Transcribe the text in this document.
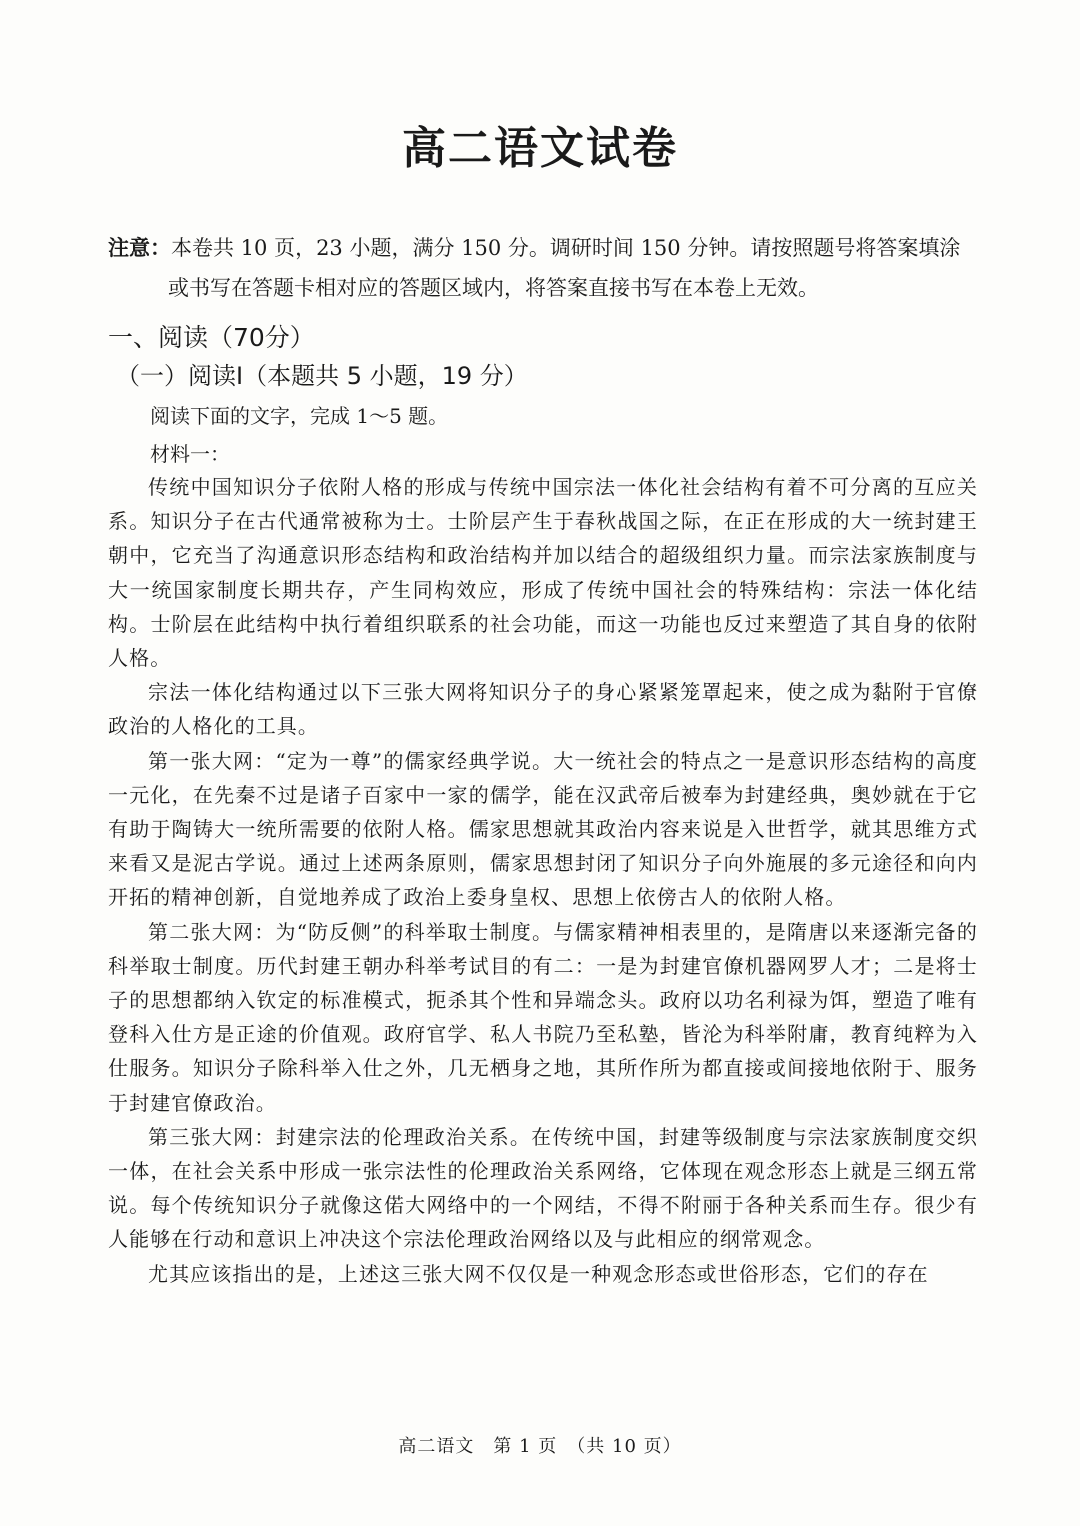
高二语文试卷
注意：本卷共 10 页，23 小题，满分 150 分。调研时间 150 分钟。请按照题号将答案填涂
或书写在答题卡相对应的答题区域内，将答案直接书写在本卷上无效。
一、阅读（70分）
（一）阅读Ⅰ（本题共 5 小题，19 分）
阅读下面的文字，完成 1～5 题。
材料一：

传统中国知识分子依附人格的形成与传统中国宗法一体化社会结构有着不可分离的互应关系。知识分子在古代通常被称为士。士阶层产生于春秋战国之际，在正在形成的大一统封建王朝中，它充当了沟通意识形态结构和政治结构并加以结合的超级组织力量。而宗法家族制度与大一统国家制度长期共存，产生同构效应，形成了传统中国社会的特殊结构：宗法一体化结构。士阶层在此结构中执行着组织联系的社会功能，而这一功能也反过来塑造了其自身的依附人格。

宗法一体化结构通过以下三张大网将知识分子的身心紧紧笼罩起来，使之成为黏附于官僚政治的人格化的工具。

第一张大网：“定为一尊”的儒家经典学说。大一统社会的特点之一是意识形态结构的高度一元化，在先秦不过是诸子百家中一家的儒学，能在汉武帝后被奉为封建经典，奥妙就在于它有助于陶铸大一统所需要的依附人格。儒家思想就其政治内容来说是入世哲学，就其思维方式来看又是泥古学说。通过上述两条原则，儒家思想封闭了知识分子向外施展的多元途径和向内开拓的精神创新，自觉地养成了政治上委身皇权、思想上依傍古人的依附人格。

第二张大网：为“防反侧”的科举取士制度。与儒家精神相表里的，是隋唐以来逐渐完备的科举取士制度。历代封建王朝办科举考试目的有二：一是为封建官僚机器网罗人才；二是将士子的思想都纳入钦定的标准模式，扼杀其个性和异端念头。政府以功名利禄为饵，塑造了唯有登科入仕方是正途的价值观。政府官学、私人书院乃至私塾，皆沦为科举附庸，教育纯粹为入仕服务。知识分子除科举入仕之外，几无栖身之地，其所作所为都直接或间接地依附于、服务于封建官僚政治。

第三张大网：封建宗法的伦理政治关系。在传统中国，封建等级制度与宗法家族制度交织一体，在社会关系中形成一张宗法性的伦理政治关系网络，它体现在观念形态上就是三纲五常说。每个传统知识分子就像这偌大网络中的一个网结，不得不附丽于各种关系而生存。很少有人能够在行动和意识上冲决这个宗法伦理政治网络以及与此相应的纲常观念。

尤其应该指出的是，上述这三张大网不仅仅是一种观念形态或世俗形态，它们的存在

高二语文　第 1 页　（共 10 页）
